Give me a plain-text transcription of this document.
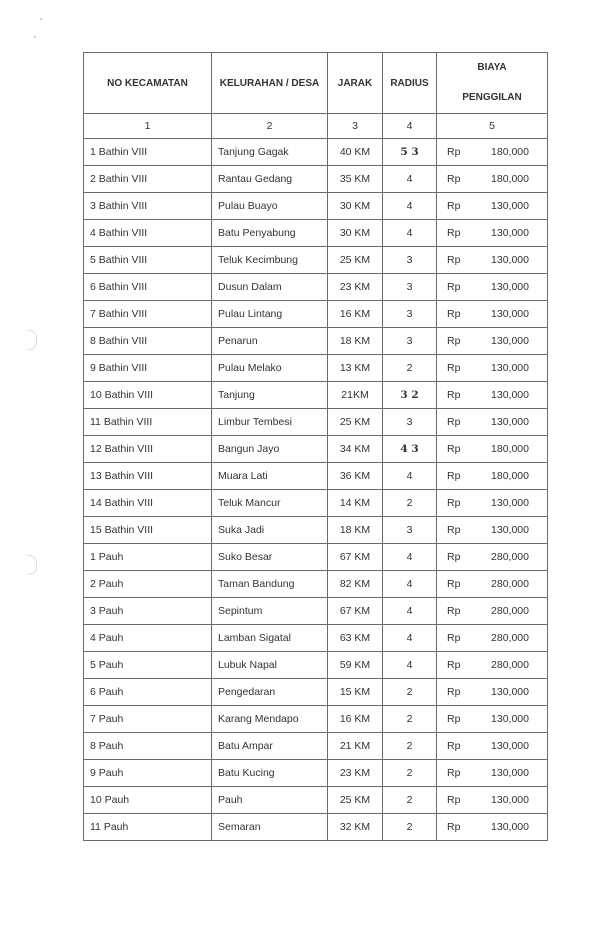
NO KECAMATAN	KELURAHAN / DESA	JARAK	RADIUS	BIAYA
PENGGILAN

1	2	3	4	5
1 Bathin VIII	Tanjung Gagak	40 KM	5 3	Rp 180,000

2 Bathin VIII	Rantau Gedang	35 KM	4	Rp 180,000

3 Bathin VIII	Pulau Buayo	30 KM	4	Rp 130,000

4 Bathin VIII	Batu Penyabung	30 KM	4	Rp 130,000

5 Bathin VIII	Teluk Kecimbung	25 KM	3	Rp 130,000

6 Bathin VIII	Dusun Dalam	23 KM	3	Rp 130,000

7 Bathin VIII	Pulau Lintang	16 KM	3	Rp 130,000

8 Bathin VIII	Penarun	18 KM	3	Rp 130,000

9 Bathin VIII	Pulau Melako	13 KM	2	Rp 130,000

10 Bathin VIII	Tanjung	21KM	3 2	Rp 130,000

11 Bathin VIII	Limbur Tembesi	25 KM	3	Rp 130,000

12 Bathin VIII	Bangun Jayo	34 KM	4 3	Rp 180,000

13 Bathin VIII	Muara Lati	36 KM	4	Rp 180,000

14 Bathin VIII	Teluk Mancur	14 KM	2	Rp 130,000

15 Bathin VIII	Suka Jadi	18 KM	3	Rp 130,000

1 Pauh	Suko Besar	67 KM	4	Rp 280,000

2 Pauh	Taman Bandung	82 KM	4	Rp 280,000

3 Pauh	Sepintum	67 KM	4	Rp 280,000

4 Pauh	Lamban Sigatal	63 KM	4	Rp 280,000

5 Pauh	Lubuk Napal	59 KM	4	Rp 280,000

6 Pauh	Pengedaran	15 KM	2	Rp 130,000

7 Pauh	Karang Mendapo	16 KM	2	Rp 130,000

8 Pauh	Batu Ampar	21 KM	2	Rp 130,000

9 Pauh	Batu Kucing	23 KM	2	Rp 130,000

10 Pauh	Pauh	25 KM	2	Rp 130,000

11 Pauh	Semaran	32 KM	2	Rp 130,000
